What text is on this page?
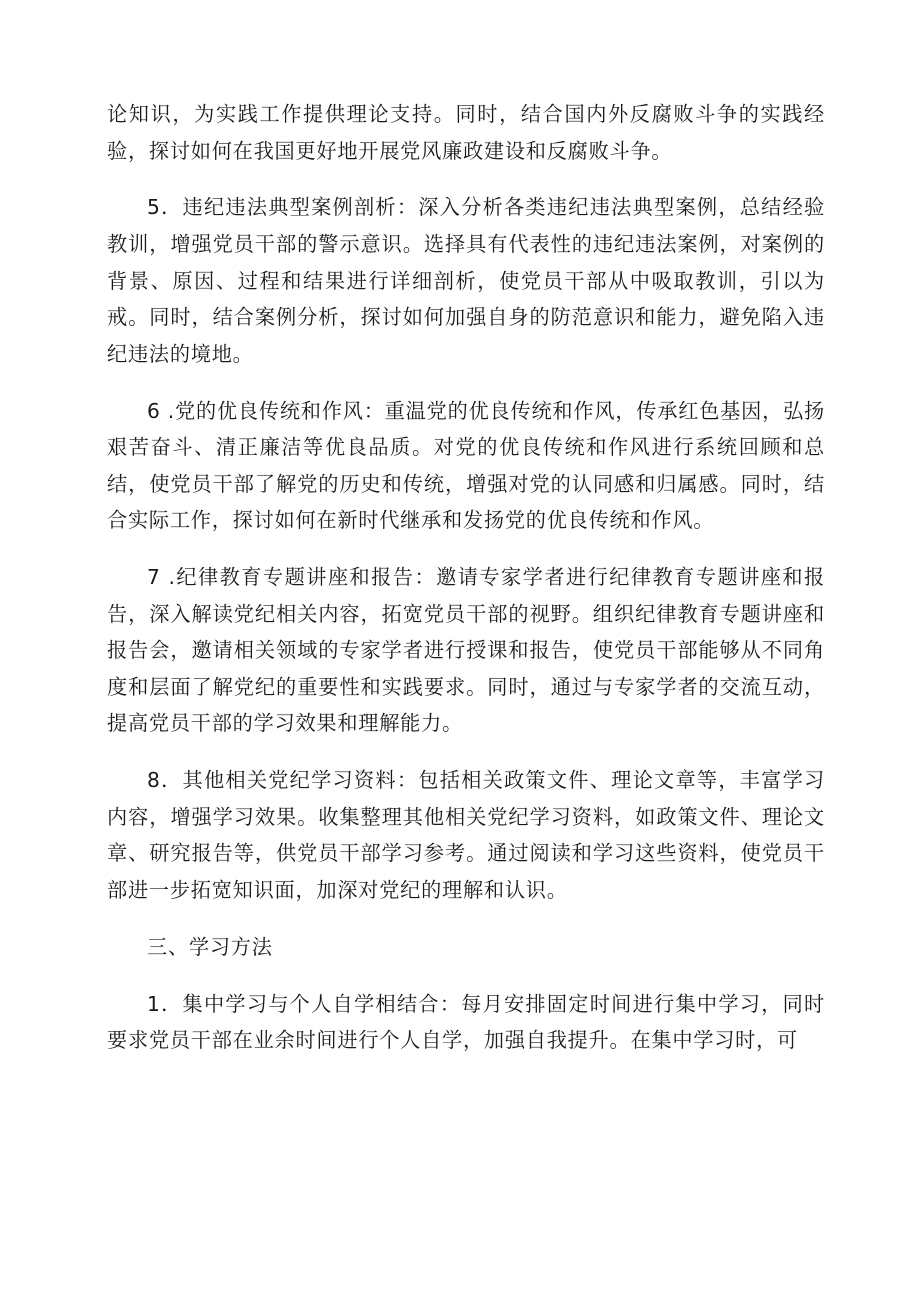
论知识，为实践工作提供理论支持。同时，结合国内外反腐败斗争的实践经验，探讨如何在我国更好地开展党风廉政建设和反腐败斗争。

5．违纪违法典型案例剖析：深入分析各类违纪违法典型案例，总结经验教训，增强党员干部的警示意识。选择具有代表性的违纪违法案例，对案例的背景、原因、过程和结果进行详细剖析，使党员干部从中吸取教训，引以为戒。同时，结合案例分析，探讨如何加强自身的防范意识和能力，避免陷入违纪违法的境地。

6 .党的优良传统和作风：重温党的优良传统和作风，传承红色基因，弘扬艰苦奋斗、清正廉洁等优良品质。对党的优良传统和作风进行系统回顾和总结，使党员干部了解党的历史和传统，增强对党的认同感和归属感。同时，结合实际工作，探讨如何在新时代继承和发扬党的优良传统和作风。

7 .纪律教育专题讲座和报告：邀请专家学者进行纪律教育专题讲座和报告，深入解读党纪相关内容，拓宽党员干部的视野。组织纪律教育专题讲座和报告会，邀请相关领域的专家学者进行授课和报告，使党员干部能够从不同角度和层面了解党纪的重要性和实践要求。同时，通过与专家学者的交流互动，提高党员干部的学习效果和理解能力。

8．其他相关党纪学习资料：包括相关政策文件、理论文章等，丰富学习内容，增强学习效果。收集整理其他相关党纪学习资料，如政策文件、理论文章、研究报告等，供党员干部学习参考。通过阅读和学习这些资料，使党员干部进一步拓宽知识面，加深对党纪的理解和认识。

三、学习方法

1．集中学习与个人自学相结合：每月安排固定时间进行集中学习，同时要求党员干部在业余时间进行个人自学，加强自我提升。在集中学习时，可
